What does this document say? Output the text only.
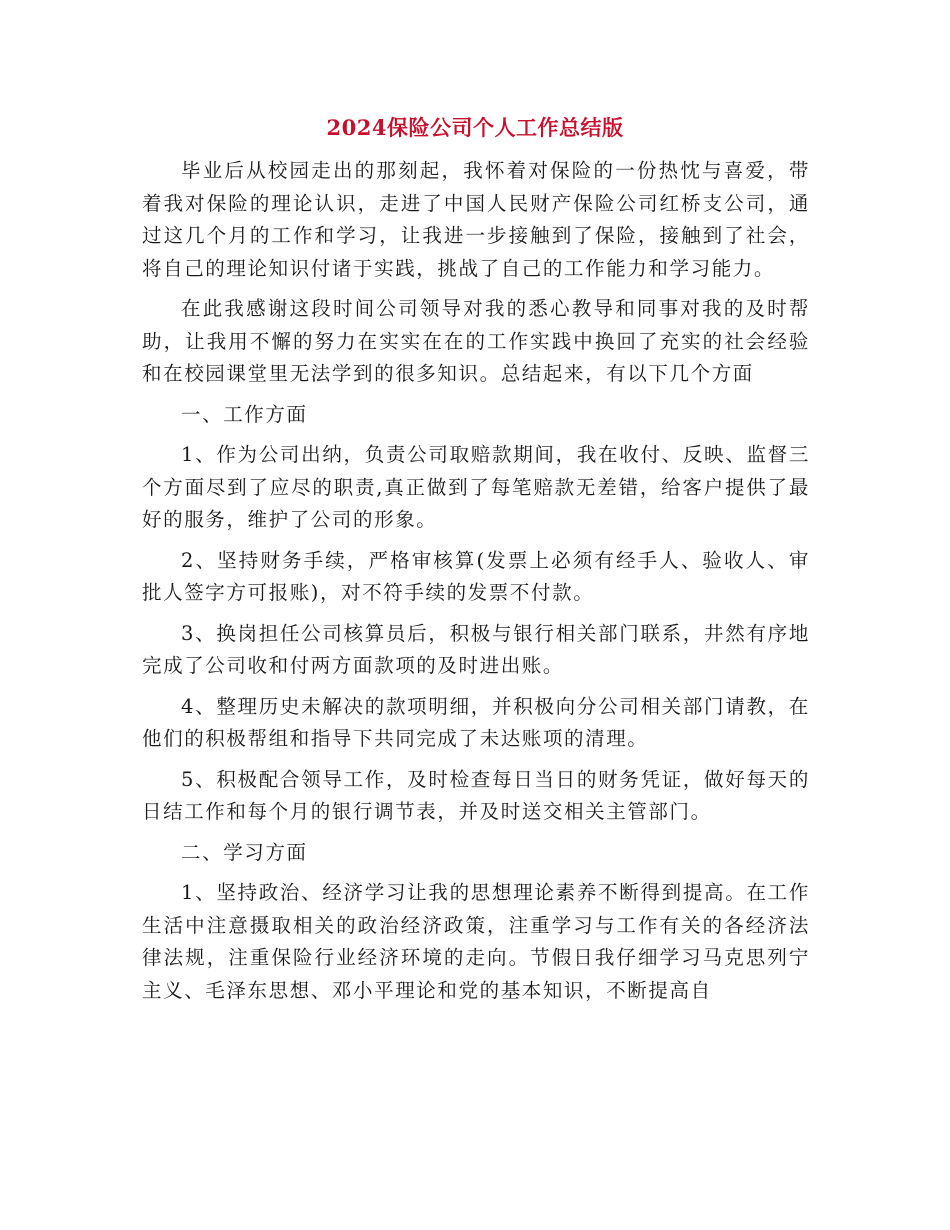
2024保险公司个人工作总结版

毕业后从校园走出的那刻起，我怀着对保险的一份热忱与喜爱，带着我对保险的理论认识，走进了中国人民财产保险公司红桥支公司，通过这几个月的工作和学习，让我进一步接触到了保险，接触到了社会，将自己的理论知识付诸于实践，挑战了自己的工作能力和学习能力。

在此我感谢这段时间公司领导对我的悉心教导和同事对我的及时帮助，让我用不懈的努力在实实在在的工作实践中换回了充实的社会经验和在校园课堂里无法学到的很多知识。总结起来，有以下几个方面

一、工作方面

1、作为公司出纳，负责公司取赔款期间，我在收付、反映、监督三个方面尽到了应尽的职责,真正做到了每笔赔款无差错，给客户提供了最好的服务，维护了公司的形象。

2、坚持财务手续，严格审核算(发票上必须有经手人、验收人、审批人签字方可报账)，对不符手续的发票不付款。

3、换岗担任公司核算员后，积极与银行相关部门联系，井然有序地完成了公司收和付两方面款项的及时进出账。

4、整理历史未解决的款项明细，并积极向分公司相关部门请教，在他们的积极帮组和指导下共同完成了未达账项的清理。

5、积极配合领导工作，及时检查每日当日的财务凭证，做好每天的日结工作和每个月的银行调节表，并及时送交相关主管部门。

二、学习方面

1、坚持政治、经济学习让我的思想理论素养不断得到提高。在工作生活中注意摄取相关的政治经济政策，注重学习与工作有关的各经济法律法规，注重保险行业经济环境的走向。节假日我仔细学习马克思列宁主义、毛泽东思想、邓小平理论和党的基本知识，不断提高自
